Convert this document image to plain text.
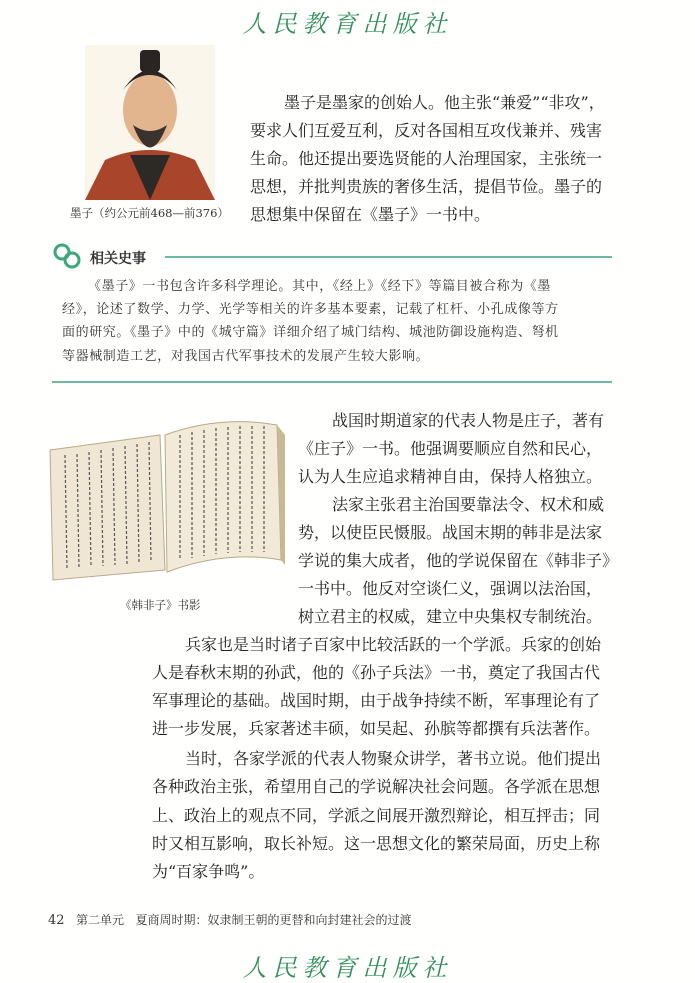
人民教育出版社
墨子（约公元前468—前376）
墨子是墨家的创始人。他主张“兼爱”“非攻”，
要求人们互爱互利，反对各国相互攻伐兼并、残害
生命。他还提出要选贤能的人治理国家，主张统一
思想，并批判贵族的奢侈生活，提倡节俭。墨子的
思想集中保留在《墨子》一书中。
相关史事
《墨子》一书包含许多科学理论。其中，《经上》《经下》等篇目被合称为《墨
经》，论述了数学、力学、光学等相关的许多基本要素，记载了杠杆、小孔成像等方
面的研究。《墨子》中的《城守篇》详细介绍了城门结构、城池防御设施构造、弩机
等器械制造工艺，对我国古代军事技术的发展产生较大影响。
《韩非子》书影
战国时期道家的代表人物是庄子，著有
《庄子》一书。他强调要顺应自然和民心，
认为人生应追求精神自由，保持人格独立。
法家主张君主治国要靠法令、权术和威
势，以使臣民慑服。战国末期的韩非是法家
学说的集大成者，他的学说保留在《韩非子》
一书中。他反对空谈仁义，强调以法治国，
树立君主的权威，建立中央集权专制统治。
兵家也是当时诸子百家中比较活跃的一个学派。兵家的创始
人是春秋末期的孙武，他的《孙子兵法》一书，奠定了我国古代
军事理论的基础。战国时期，由于战争持续不断，军事理论有了
进一步发展，兵家著述丰硕，如吴起、孙膑等都撰有兵法著作。
当时，各家学派的代表人物聚众讲学，著书立说。他们提出
各种政治主张，希望用自己的学说解决社会问题。各学派在思想
上、政治上的观点不同，学派之间展开激烈辩论，相互抨击；同
时又相互影响，取长补短。这一思想文化的繁荣局面，历史上称
为“百家争鸣”。
42 第二单元 夏商周时期：奴隶制王朝的更替和向封建社会的过渡
人民教育出版社
